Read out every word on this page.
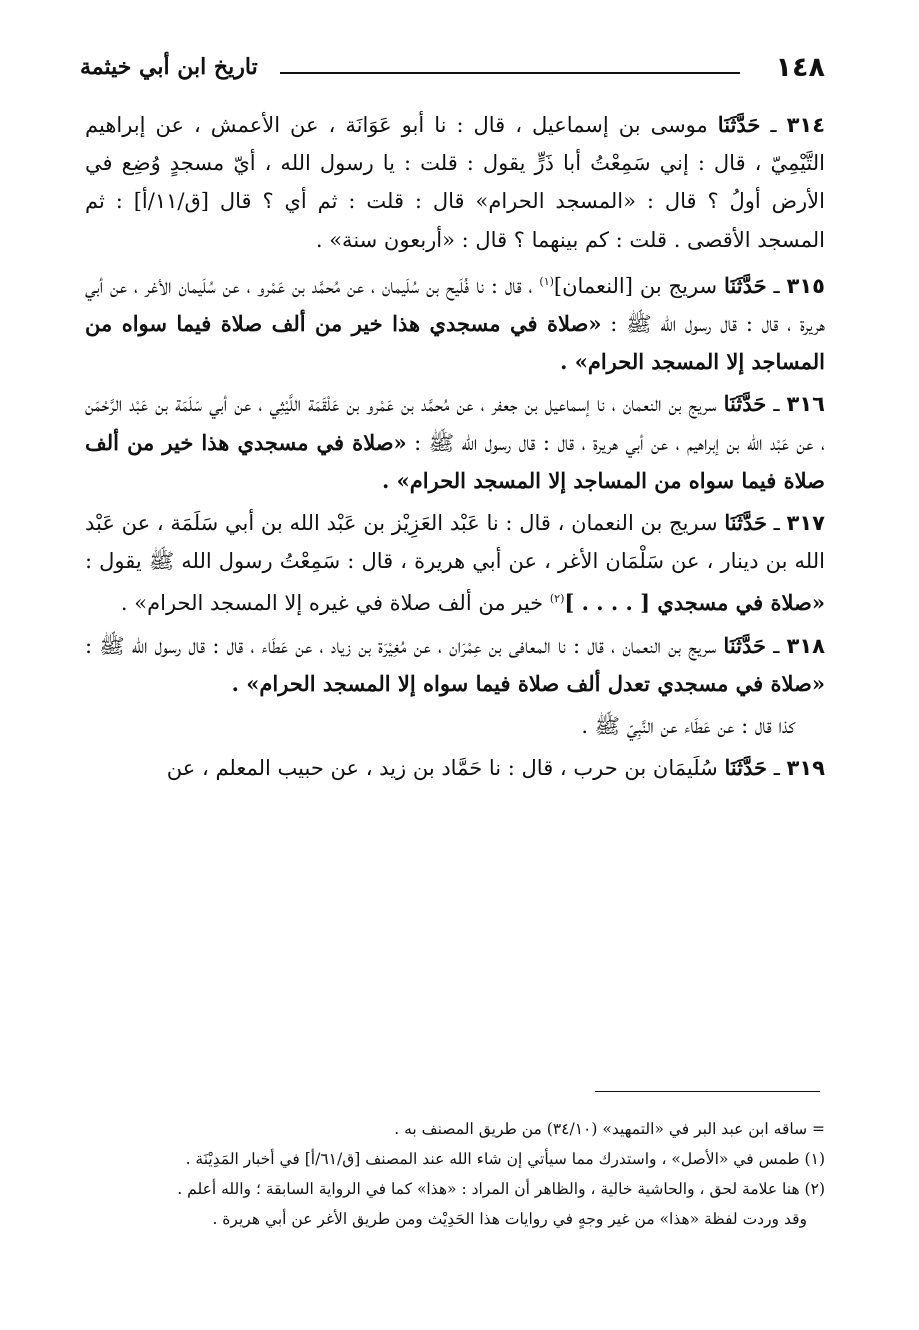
١٤٨
تاريخ ابن أبي خيثمة

٣١٤ ـ حَدَّثَنَا موسى بن إسماعيل ، قال : نا أبو عَوَانَة ، عن الأعمش ، عن إبراهيم التَّيْمِيّ ، قال : إني سَمِعْتُ أبا ذَرٍّ يقول : قلت : يا رسول الله ، أيّ مسجدٍ وُضِع في الأرض أولُ ؟ قال : «المسجد الحرام» قال : قلت : ثم أي ؟ قال [ق/١١/أ] : ثم المسجد الأقصى . قلت : كم بينهما ؟ قال : «أربعون سنة» .

٣١٥ ـ حَدَّثَنَا سريج بن [النعمان]$^{(١)}$ ، قال : نا فُلَيح بن سُلَيمان ، عن مُحمَّد بن عَمْرو ، عن سُلَيمان الأغر ، عن أبي هريرة ، قال : قال رسول الله ﷺ : «صلاة في مسجدي هذا خير من ألف صلاة فيما سواه من المساجد إلا المسجد الحرام» .

٣١٦ ـ حَدَّثَنَا سريج بن النعمان ، نا إسماعيل بن جعفر ، عن مُحمَّد بن عَمْرو بن عَلْقَمَة اللَّيْثِي ، عن أبي سَلَمَة بن عَبْد الرَّحْمَن ، عن عَبْد الله بن إبراهيم ، عن أبي هريرة ، قال : قال رسول الله ﷺ : «صلاة في مسجدي هذا خير من ألف صلاة فيما سواه من المساجد إلا المسجد الحرام» .

٣١٧ ـ حَدَّثَنَا سريج بن النعمان ، قال : نا عَبْد العَزِيْز بن عَبْد الله بن أبي سَلَمَة ، عن عَبْد الله بن دينار ، عن سَلْمَان الأغر ، عن أبي هريرة ، قال : سَمِعْتُ رسول الله ﷺ يقول : «صلاة في مسجدي [ . . . . ]$^{(٢)}$ خير من ألف صلاة في غيره إلا المسجد الحرام» .

٣١٨ ـ حَدَّثَنَا سريج بن النعمان ، قال : نا المعافى بن عِمْرَان ، عن مُغِيْرَة بن زياد ، عن عَطَاء ، قال : قال رسول الله ﷺ : «صلاة في مسجدي تعدل ألف صلاة فيما سواه إلا المسجد الحرام» .

كذا قال : عن عَطَاء عن النَّبِيّ ﷺ .

٣١٩ ـ حَدَّثَنَا سُلَيمَان بن حرب ، قال : نا حَمَّاد بن زيد ، عن حبيب المعلم ، عن

= ساقه ابن عبد البر في «التمهيد» (٣٤/١٠) من طريق المصنف به .

(١) طمس في «الأصل» ، واستدرك مما سيأتي إن شاء الله عند المصنف [ق/٦١/أ] في أخبار المَدِيْنَة .

(٢) هنا علامة لحق ، والحاشية خالية ، والظاهر أن المراد : «هذا» كما في الرواية السابقة ؛ والله أعلم .

وقد وردت لفظة «هذا» من غير وجهٍ في روايات هذا الحَدِيْث ومن طريق الأغر عن أبي هريرة .
